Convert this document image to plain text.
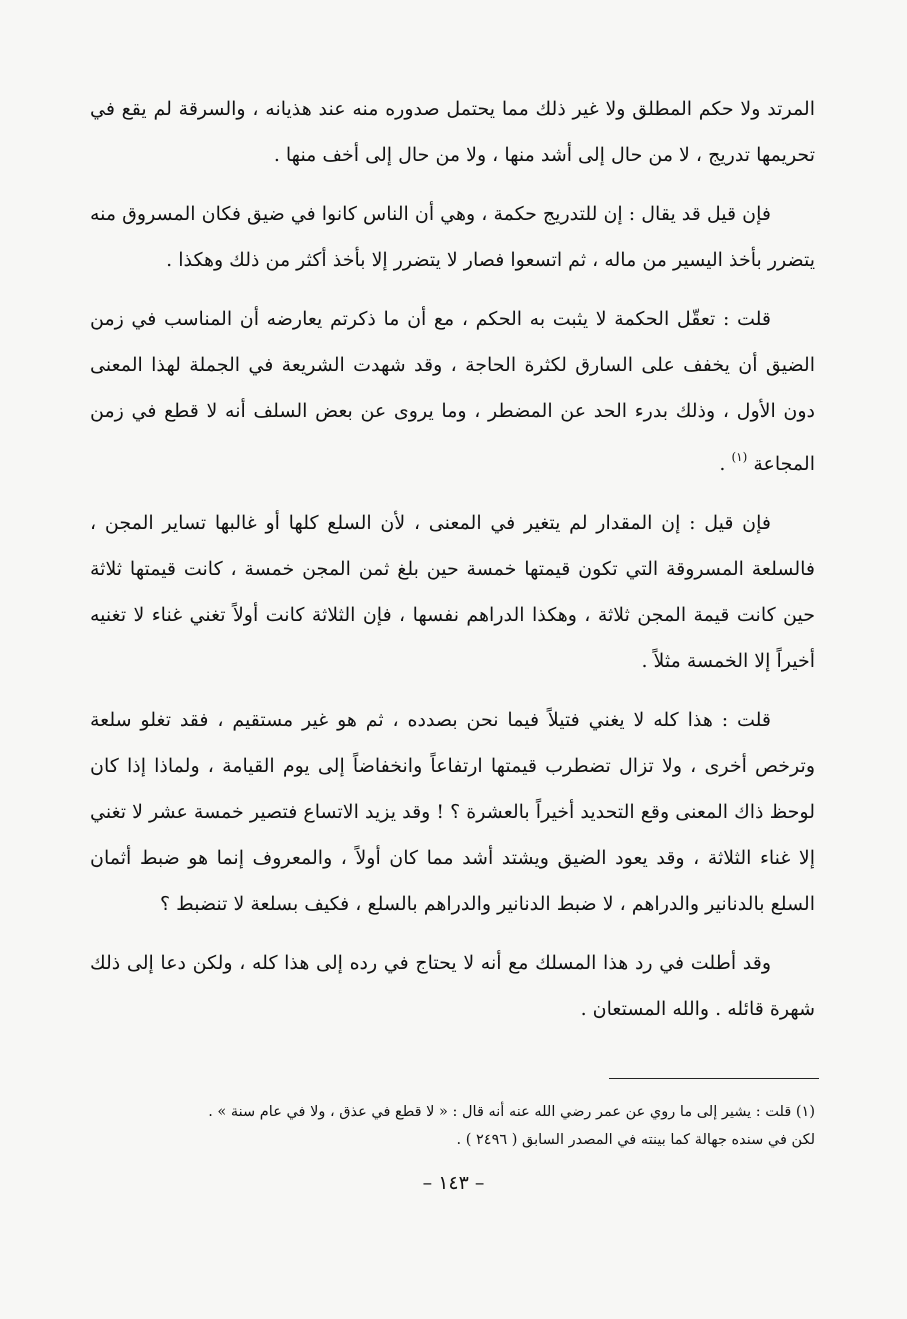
المرتد ولا حكم المطلق ولا غير ذلك مما يحتمل صدوره منه عند هذيانه ، والسرقة لم يقع في تحريمها تدريج ، لا من حال إلى أشد منها ، ولا من حال إلى أخف منها .

فإن قيل قد يقال : إن للتدريج حكمة ، وهي أن الناس كانوا في ضيق فكان المسروق منه يتضرر بأخذ اليسير من ماله ، ثم اتسعوا فصار لا يتضرر إلا بأخذ أكثر من ذلك وهكذا .

قلت : تعقّل الحكمة لا يثبت به الحكم ، مع أن ما ذكرتم يعارضه أن المناسب في زمن الضيق أن يخفف على السارق لكثرة الحاجة ، وقد شهدت الشريعة في الجملة لهذا المعنى دون الأول ، وذلك بدرء الحد عن المضطر ، وما يروى عن بعض السلف أنه لا قطع في زمن المجاعة $^{(١)}$ .

فإن قيل : إن المقدار لم يتغير في المعنى ، لأن السلع كلها أو غالبها تساير المجن ، فالسلعة المسروقة التي تكون قيمتها خمسة حين بلغ ثمن المجن خمسة ، كانت قيمتها ثلاثة حين كانت قيمة المجن ثلاثة ، وهكذا الدراهم نفسها ، فإن الثلاثة كانت أولاً تغني غناء لا تغنيه أخيراً إلا الخمسة مثلاً .

قلت : هذا كله لا يغني فتيلاً فيما نحن بصدده ، ثم هو غير مستقيم ، فقد تغلو سلعة وترخص أخرى ، ولا تزال تضطرب قيمتها ارتفاعاً وانخفاضاً إلى يوم القيامة ، ولماذا إذا كان لوحظ ذاك المعنى وقع التحديد أخيراً بالعشرة ؟ ! وقد يزيد الاتساع فتصير خمسة عشر لا تغني إلا غناء الثلاثة ، وقد يعود الضيق ويشتد أشد مما كان أولاً ، والمعروف إنما هو ضبط أثمان السلع بالدنانير والدراهم ، لا ضبط الدنانير والدراهم بالسلع ، فكيف بسلعة لا تنضبط ؟

وقد أطلت في رد هذا المسلك مع أنه لا يحتاج في رده إلى هذا كله ، ولكن دعا إلى ذلك شهرة قائله . والله المستعان .

(١) قلت : يشير إلى ما روي عن عمر رضي الله عنه أنه قال : « لا قطع في عذق ، ولا في عام سنة » .

لكن في سنده جهالة كما بينته في المصدر السابق ( ٢٤٩٦ ) .

– ١٤٣ –
